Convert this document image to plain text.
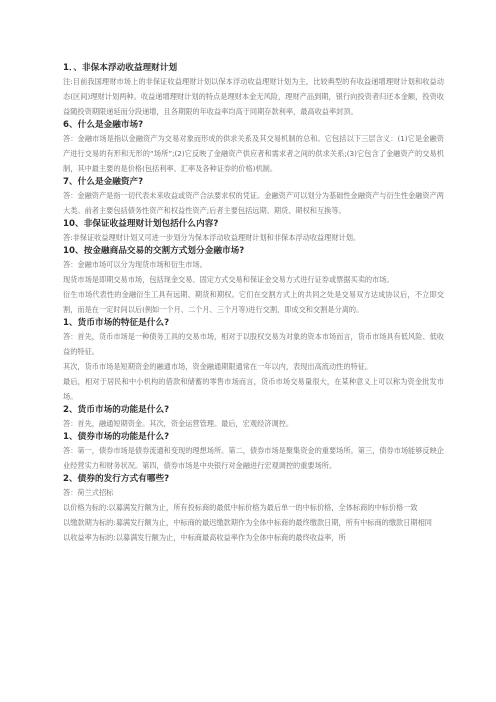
1．、非保本浮动收益理财计划
注:目前我国理财市场上的非保证收益理财计划以保本浮动收益理财计划为主，比较典型的有收益递增理财计划和收益动态(区间)理财计划两种。收益递增理财计划的特点是理财本金无风险，理财产品到期，银行向投资者归还本金额，投资收益随投资期限递延而分段递增，且各期限的年收益率均高于同期存款利率，最高收益率封顶。
6、什么是金融市场?
答：金融市场是指以金融资产为交易对象而形成的供求关系及其交易机制的总和。它包括以下三层含义：(1)它是金融资产进行交易的有形和无形的“场所”;(2)它反映了金融资产供应者和需求者之间的供求关系;(3)它包含了金融资产的交易机制，其中最主要的是价格(包括利率、汇率及各种证券的价格)机制。
7、什么是金融资产?
答：金融资产是指一切代表未来收益或资产合法要求权的凭证。金融资产可以划分为基础性金融资产与衍生性金融资产两大类。前者主要包括债务性资产和权益性资产;后者主要包括远期、期货、期权和互换等。
10、非保证收益理财计划包括什么内容?
答:非保证收益理财计划又可进一步划分为保本浮动收益理财计划和非保本浮动收益理财计划。
10、按金融商品交易的交割方式划分金融市场?
答：金融市场可以分为现货市场和衍生市场。
现货市场是即期交易市场，包括现金交易、固定方式交易和保证金交易方式进行证券或票据买卖的市场。
衍生市场代表性的金融衍生工具有远期、期货和期权。它们在交割方式上的共同之处是交易双方达成协议后，不立即交割，而是在一定时间以后(例如一个月、二个月、三个月等)进行交割，即成交和交割是分离的。
1、货币市场的特征是什么?
答：首先，货币市场是一种债务工具的交易市场，相对于以股权交易为对象的资本市场而言，货币市场具有低风险、低收益的特征。
其次，货币市场是短期资金的融通市场，资金融通期限通常在一年以内，表现出高流动性的特征。
最后，相对于居民和中小机构的借款和储蓄的零售市场而言，货币市场交易量很大，在某种意义上可以称为资金批发市场。
2、货币市场的功能是什么?
答：首先，融通短期资金。其次，资金运营管理。最后，宏观经济调控。
1、债券市场的功能是什么?
答：第一，债券市场是债券流通和变现的理想场所。第二，债券市场是聚集资金的重要场所。第三，债券市场能够反映企业经营实力和财务状况。第四，债券市场是中央银行对金融进行宏观调控的重要场所。
2、债券的发行方式有哪些?
答：荷兰式招标
以价格为标的:以募满发行额为止，所有投标商的最低中标价格为最后单一的中标价格，全体标商的中标价格一致
以缴款期为标的:募满发行额为止，中标商的最迟缴款期作为全体中标商的最终缴款日期，所有中标商的缴款日期相同
以收益率为标的:以募满发行额为止，中标商最高收益率作为全体中标商的最终收益率，所
